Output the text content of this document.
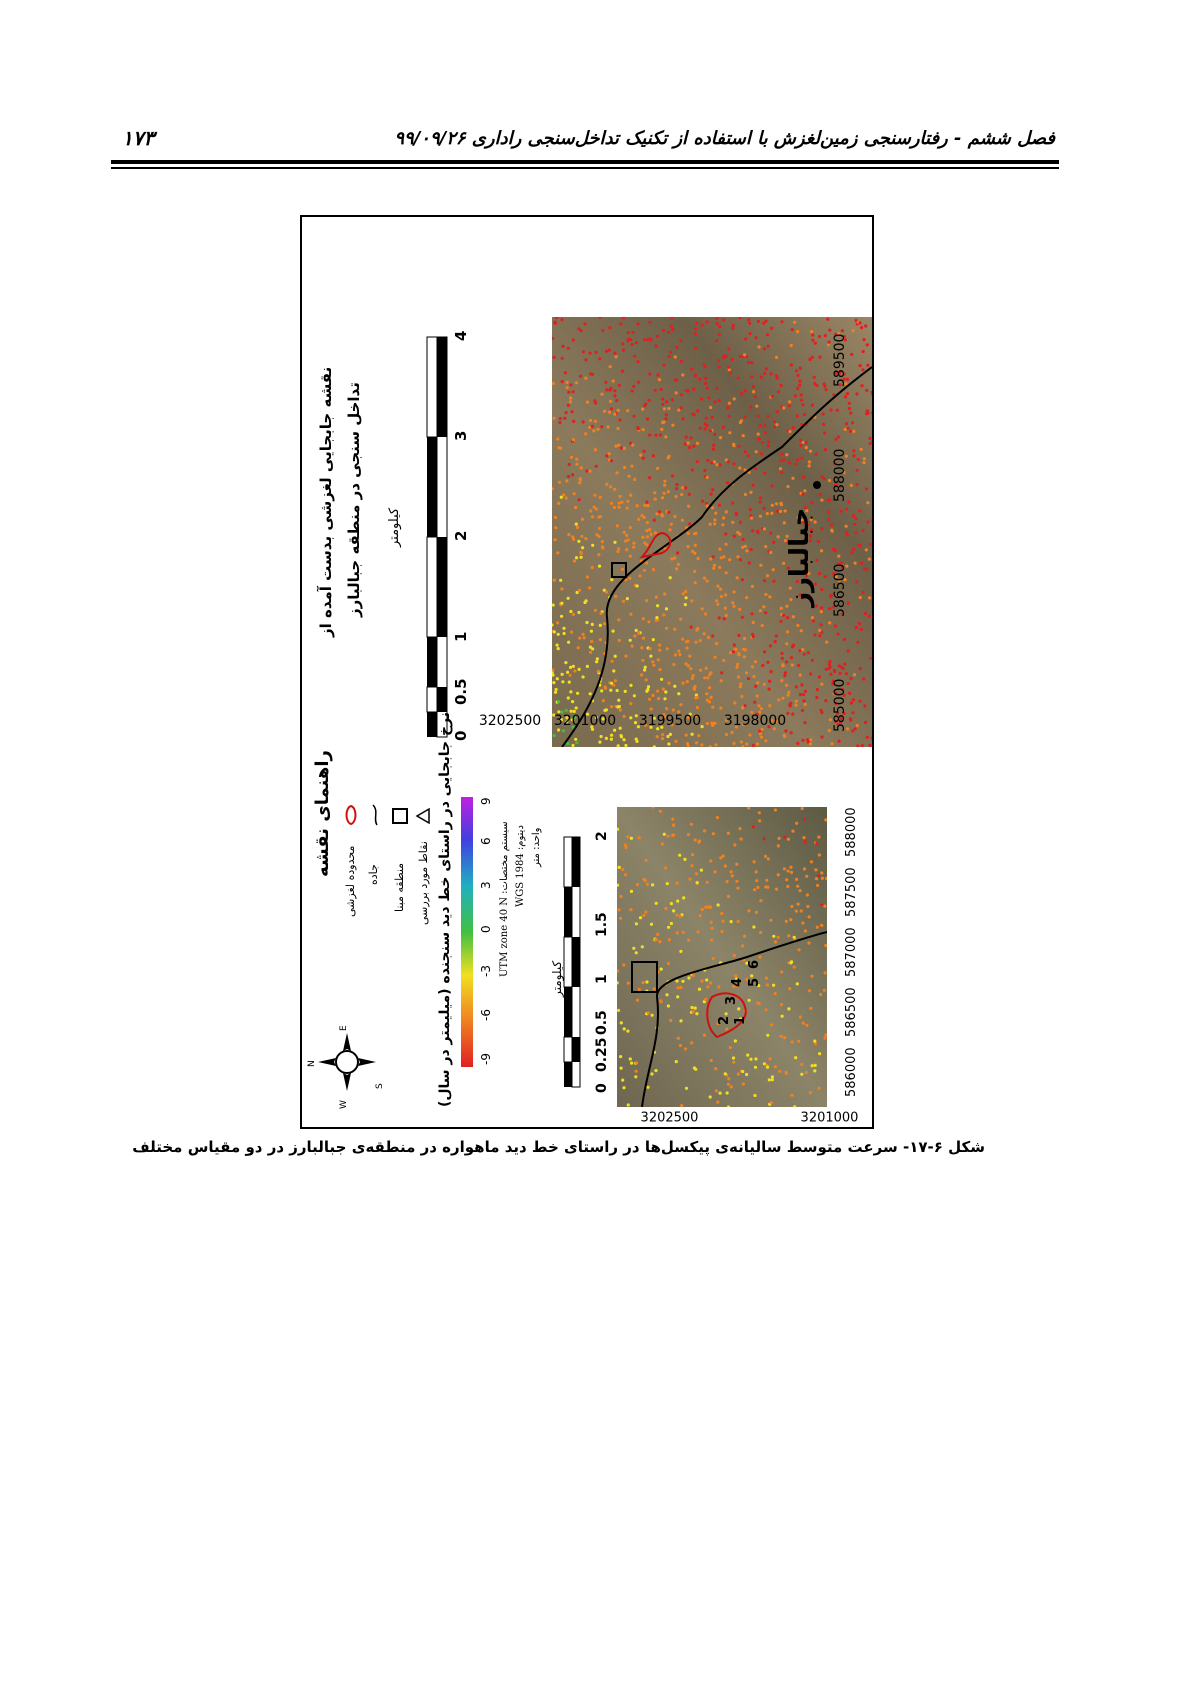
۱۷۳	فصل ششم - رفتارسنجی زمین‌لغزش با استفاده از تکنیک تداخل‌سنجی راداری ۹۹/۰۹/۲۶
نقشه جابجایی لغزشی بدست آمده از تداخل سنجی در منطقه جبالبارز
0
0.5
1
2
3
4
کیلومتر
585000
586500
588000
589500
جبالبارز
3202500 3201000 3199500 3198000
راهنمای نقشه
محدوده لغزشی جاده منطقه مبنا نقاط مورد بررسی
N
E
S
W	نرخ جابجایی در راستای خط دید سنجنده (میلیمتر در سال) -9
-6
-3
0
3
6
9
سیستم مختصات: UTM zone 40 N دیتوم: WGS 1984 واحد: متر
0
0.25
0.5
1
1.5
2
کیلومتر
1
2
3
4 5
6
586000
586500
587000
587500
588000
3202500	3201000
شکل ۶-۱۷- سرعت متوسط سالیانه‌ی پیکسل‌ها در راستای خط دید ماهواره در منطقه‌ی جبالبارز در دو مقیاس مختلف
